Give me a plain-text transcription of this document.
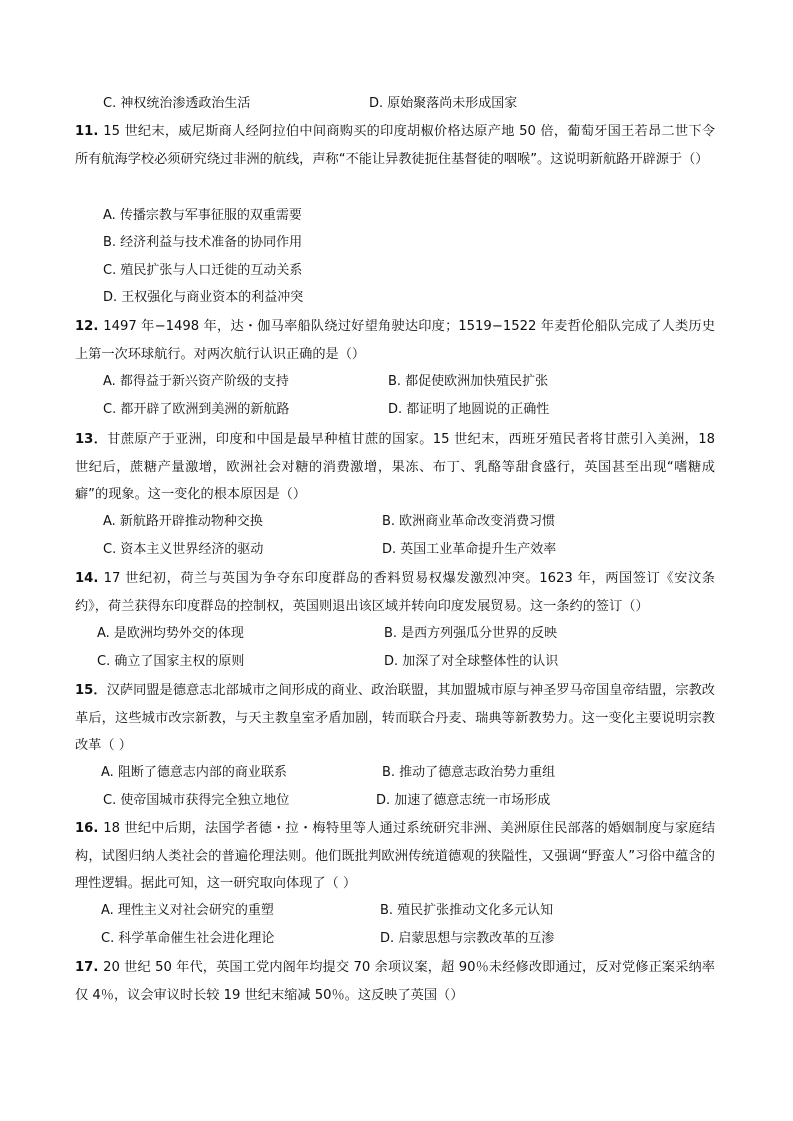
C. 神权统治渗透政治生活	D. 原始聚落尚未形成国家
11. 15 世纪末，威尼斯商人经阿拉伯中间商购买的印度胡椒价格达原产地 50 倍，葡萄牙国王若昂二世下令所有航海学校必须研究绕过非洲的航线，声称“不能让异教徒扼住基督徒的咽喉”。这说明新航路开辟源于（）
A. 传播宗教与军事征服的双重需要
B. 经济利益与技术准备的协同作用
C. 殖民扩张与人口迁徙的互动关系
D. 王权强化与商业资本的利益冲突
12. 1497 年−1498 年，达・伽马率船队绕过好望角驶达印度；1519−1522 年麦哲伦船队完成了人类历史上第一次环球航行。对两次航行认识正确的是（）
A. 都得益于新兴资产阶级的支持	B. 都促使欧洲加快殖民扩张
C. 都开辟了欧洲到美洲的新航路	D. 都证明了地圆说的正确性
13．甘蔗原产于亚洲，印度和中国是最早种植甘蔗的国家。15 世纪末，西班牙殖民者将甘蔗引入美洲，18 世纪后，蔗糖产量激增，欧洲社会对糖的消费激增，果冻、布丁、乳酪等甜食盛行，英国甚至出现“嗜糖成癖”的现象。这一变化的根本原因是（）
A. 新航路开辟推动物种交换	B. 欧洲商业革命改变消费习惯
C. 资本主义世界经济的驱动	D. 英国工业革命提升生产效率
14. 17 世纪初，荷兰与英国为争夺东印度群岛的香料贸易权爆发激烈冲突。1623 年，两国签订《安汶条约》，荷兰获得东印度群岛的控制权，英国则退出该区域并转向印度发展贸易。这一条约的签订（）
A. 是欧洲均势外交的体现	B. 是西方列强瓜分世界的反映
C. 确立了国家主权的原则	D. 加深了对全球整体性的认识
15．汉萨同盟是德意志北部城市之间形成的商业、政治联盟，其加盟城市原与神圣罗马帝国皇帝结盟，宗教改革后，这些城市改宗新教，与天主教皇室矛盾加剧，转而联合丹麦、瑞典等新教势力。这一变化主要说明宗教改革（ ）
A. 阻断了德意志内部的商业联系	B. 推动了德意志政治势力重组
C. 使帝国城市获得完全独立地位	D. 加速了德意志统一市场形成
16. 18 世纪中后期，法国学者德・拉・梅特里等人通过系统研究非洲、美洲原住民部落的婚姻制度与家庭结构，试图归纳人类社会的普遍伦理法则。他们既批判欧洲传统道德观的狭隘性，又强调“野蛮人”习俗中蕴含的理性逻辑。据此可知，这一研究取向体现了（ ）
A. 理性主义对社会研究的重塑	B. 殖民扩张推动文化多元认知
C. 科学革命催生社会进化理论	D. 启蒙思想与宗教改革的互渗
17. 20 世纪 50 年代，英国工党内阁年均提交 70 余项议案，超 90％未经修改即通过，反对党修正案采纳率仅 4％，议会审议时长较 19 世纪末缩减 50％。这反映了英国（）
